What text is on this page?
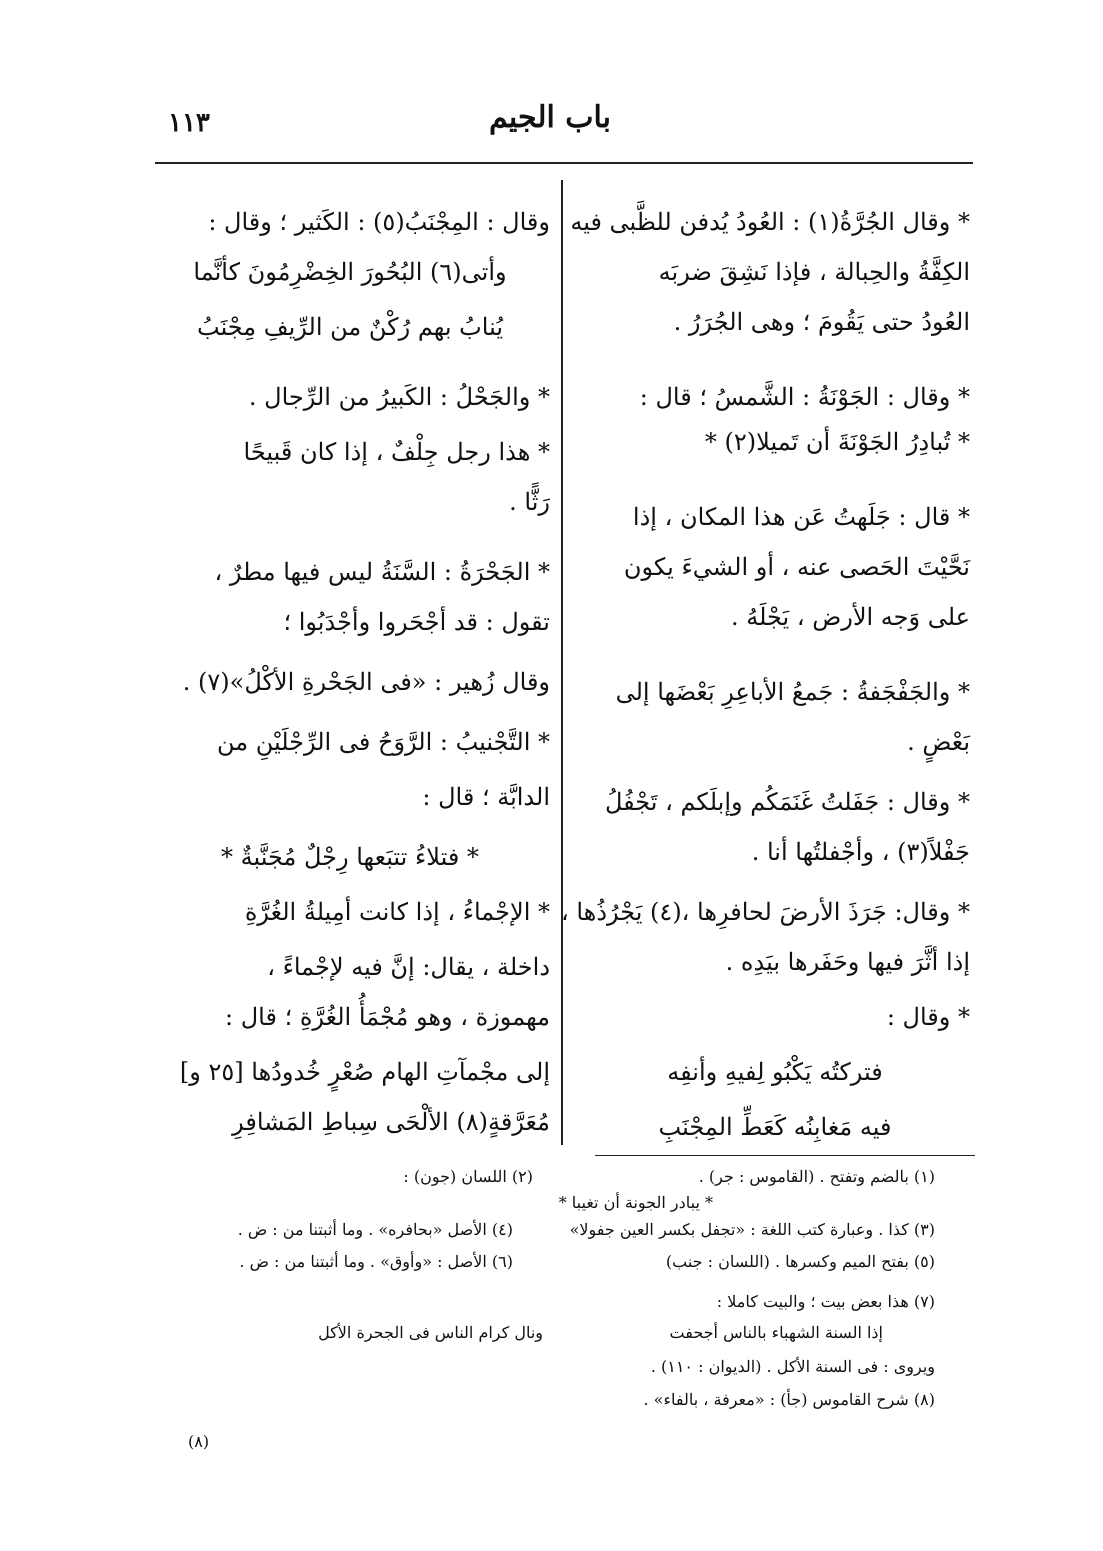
باب الجيم
١١٣
* وقال الجُرَّةُ(١) : العُودُ يُدفن للظَّبى فيه
الكِفَّةُ والحِبالة ، فإذا نَشِقَ ضربَه
العُودُ حتى يَقُومَ ؛ وهى الجُرَرُ .
* وقال : الجَوْنَةُ : الشَّمسُ ؛ قال :
* تُبادِرُ الجَوْنَةَ أن تَميلا(٢) *
* قال : جَلَهتُ عَن هذا المكان ، إذا
نَحَّيْتَ الحَصى عنه ، أو الشيءَ يكون
على وَجه الأرض ، يَجْلَهُ .
* والجَفْجَفةُ : جَمعُ الأباعِرِ بَعْضَها إلى
بَعْضٍ .
* وقال : جَفَلتُ غَنَمَكُم وإبلَكم ، تَجْفُلُ
جَفْلاً(٣) ، وأجْفلتُها أنا .
* وقال: جَرَذَ الأرضَ لحافرِها ،(٤) يَجْرُذُها ،
إذا أثَّرَ فيها وحَفَرها بيَدِه .
* وقال :
فتركتُه يَكْبُو لِفيهِ وأنفِه
فيه مَغابِنُه كَعَطِّ المِجْنَبِ
وقال : المِجْنَبُ(٥) : الكَثير ؛ وقال :
وأتى(٦) البُحُورَ الخِضْرِمُونَ كأنَّما
يُنابُ بهم رُكْنٌ من الرِّيفِ مِجْنَبُ
* والجَحْلُ : الكَبيرُ من الرِّجال .
* هذا رجل جِلْفٌ ، إذا كان قَبيحًا
رَثًّا .
* الجَحْرَةُ : السَّنَةُ ليس فيها مطرٌ ،
تقول : قد أجْحَروا وأجْدَبُوا ؛
وقال زُهير : «فى الجَحْرةِ الأكْلُ»(٧) .
* التَّجْنيبُ : الرَّوَحُ فى الرِّجْلَيْنِ من
الدابَّة ؛ قال :
* فتلاءُ تتبَعها رِجْلٌ مُجَنَّبةٌ *
* الإجْماءُ ، إذا كانت أمِيلةُ الغُرَّةِ
داخلة ، يقال: إنَّ فيه لإجْماءً ،
مهموزة ، وهو مُجْمَأُ الغُرَّةِ ؛ قال :
إلى مجْمآتِ الهام صُعْرٍ خُدودُها [٢٥ و]
مُعَرَّقةٍ(٨) الألْحَى سِباطِ المَشافِرِ
(١) بالضم وتفتح . (القاموس : جر) .
(٢) اللسان (جون) :
* يبادر الجونة أن تغيبا *
(٣) كذا . وعبارة كتب اللغة : «تجفل بكسر العين جفولا»
(٤) الأصل «بحافره» . وما أثبتنا من : ض .
(٥) بفتح الميم وكسرها . (اللسان : جنب)
(٦) الأصل : «وأوق» . وما أثبتنا من : ض .
(٧) هذا بعض بيت ؛ والبيت كاملا :
إذا السنة الشهباء بالناس أجحفت
ونال كرام الناس فى الجحرة الأكل
ويروى : فى السنة الأكل . (الديوان : ١١٠) .
(٨) شرح القاموس (جأ) : «معرفة ، بالفاء» .
(٨)
